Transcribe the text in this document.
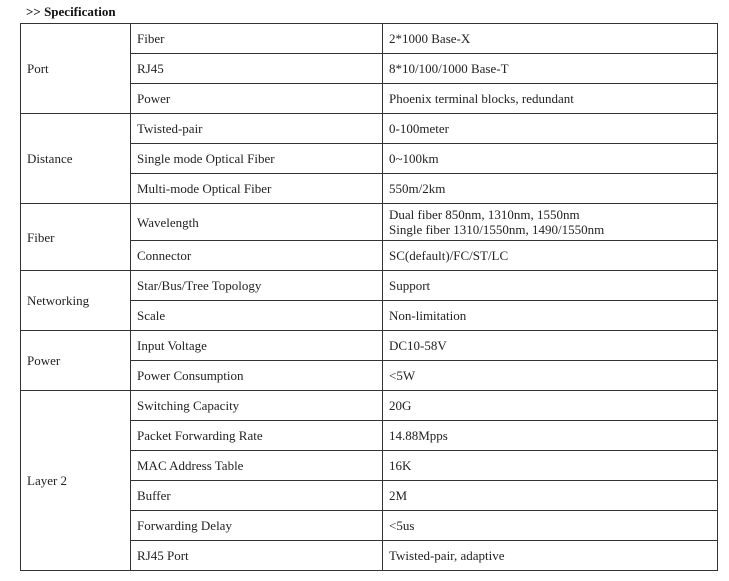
>> Specification
Port	Fiber	2*1000 Base-X
	RJ45	8*10/100/1000 Base-T
	Power	Phoenix terminal blocks, redundant
Distance	Twisted-pair	0-100meter
	Single mode Optical Fiber	0~100km
	Multi-mode Optical Fiber	550m/2km
Fiber	Wavelength	Dual fiber 850nm, 1310nm, 1550nm
Single fiber 1310/1550nm, 1490/1550nm

	Connector	SC(default)/FC/ST/LC
Networking	Star/Bus/Tree Topology	Support
	Scale	Non-limitation
Power	Input Voltage	DC10-58V
	Power Consumption	<5W
Layer 2	Switching Capacity	20G
	Packet Forwarding Rate	14.88Mpps
	MAC Address Table	16K
	Buffer	2M
	Forwarding Delay	<5us
	RJ45 Port	Twisted-pair, adaptive
